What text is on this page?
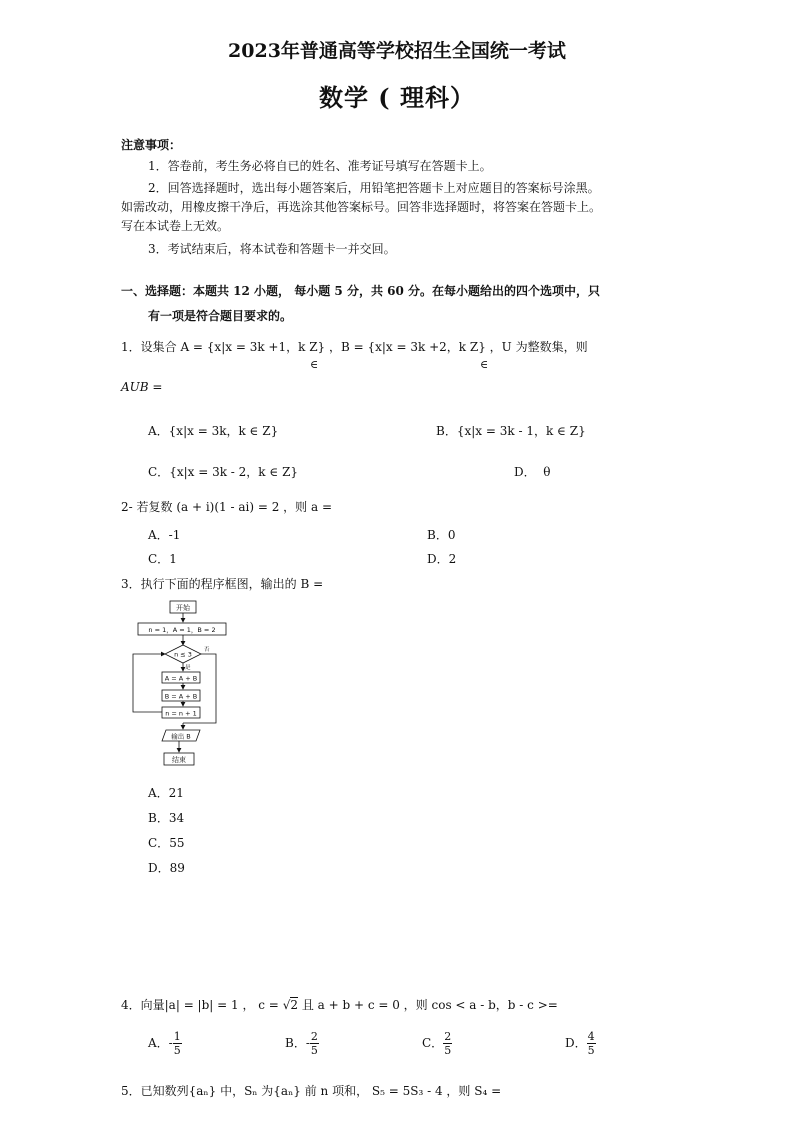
2023年普通高等学校招生全国统一考试
数学 ( 理科）
注意事项：
1．答卷前，考生务必将自已的姓名、准考证号填写在答题卡上。
2．回答选择题时，选出每小题答案后，用铅笔把答题卡上对应题目的答案标号涂黑。
如需改动，用橡皮擦干净后，再选涂其他答案标号。回答非选择题时，将答案在答题卡上。
写在本试卷上无效。
3．考试结束后，将本试卷和答题卡一并交回。
一、选择题：本题共 12 小题， 每小题 5 分，共 60 分。在每小题给出的四个选项中，只
有一项是符合题目要求的。
1．设集合 A = {x|x = 3k +1，k Z} ，B = {x|x = 3k +2，k Z} ，U 为整数集，则
∈	∈
AUB =
A．{x|x = 3k，k ∈ Z}	B．{x|x = 3k - 1，k ∈ Z}
C．{x|x = 3k - 2，k ∈ Z}	D． θ
2- 若复数 (a + i)(1 - ai) = 2 ，则 a =
A．-1	B．0
C．1	D．2
3．执行下面的程序框图，输出的 B =
开始
n = 1，A = 1，B = 2
n ≤ 3
否
是
A = A + B
B = A + B
n = n + 1
输出 B
结束
A．21
B．34
C．55
D．89
4．向量|a| = |b| = 1 ， c = √2 且 a + b + c = 0 ，则 cos < a - b，b - c >=
A．- $\frac{1}{5}$	B．- $\frac{2}{5}$	C． $\frac{2}{5}$	D． $\frac{4}{5}$
5．已知数列{aₙ} 中，Sₙ 为{aₙ} 前 n 项和， S₅ = 5S₃ - 4 ，则 S₄ =
